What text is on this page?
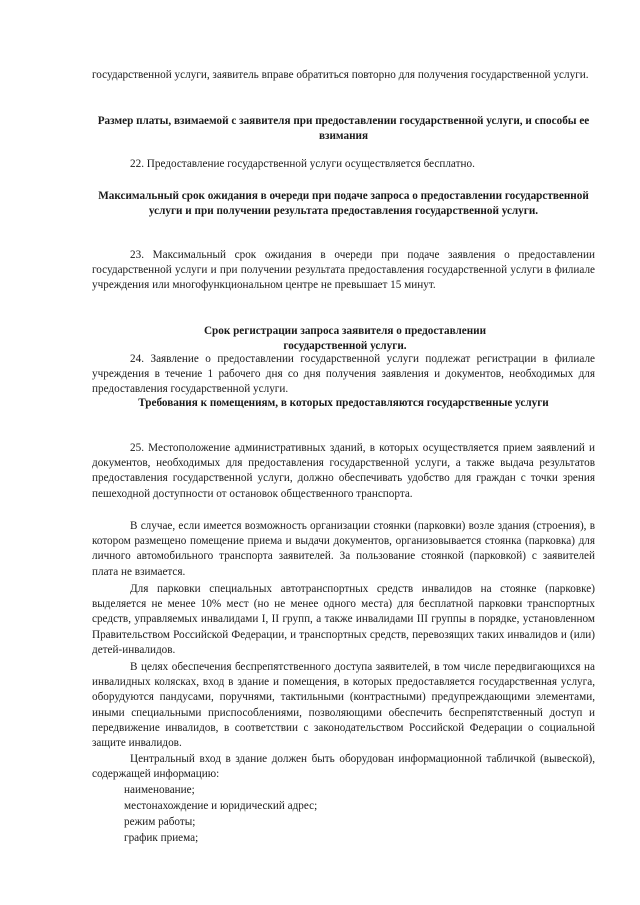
государственной услуги, заявитель вправе обратиться повторно для получения государственной услуги.

Размер платы, взимаемой с заявителя при предоставлении государственной услуги, и способы ее взимания

22. Предоставление государственной услуги осуществляется бесплатно.

Максимальный срок ожидания в очереди при подаче запроса о предоставлении государственной услуги и при получении результата предоставления государственной услуги.

23. Максимальный срок ожидания в очереди при подаче заявления о предоставлении государственной услуги и при получении результата предоставления государственной услуги в филиале учреждения или многофункциональном центре не превышает 15 минут.

Срок регистрации запроса заявителя о предоставлении государственной услуги.

24. Заявление о предоставлении государственной услуги подлежат регистрации в филиале учреждения в течение 1 рабочего дня со дня получения заявления и документов, необходимых для предоставления государственной услуги.

Требования к помещениям, в которых предоставляются государственные услуги

25. Местоположение административных зданий, в которых осуществляется прием заявлений и документов, необходимых для предоставления государственной услуги, а также выдача результатов предоставления государственной услуги, должно обеспечивать удобство для граждан с точки зрения пешеходной доступности от остановок общественного транспорта.

В случае, если имеется возможность организации стоянки (парковки) возле здания (строения), в котором размещено помещение приема и выдачи документов, организовывается стоянка (парковка) для личного автомобильного транспорта заявителей. За пользование стоянкой (парковкой) с заявителей плата не взимается.

Для парковки специальных автотранспортных средств инвалидов на стоянке (парковке) выделяется не менее 10% мест (но не менее одного места) для бесплатной парковки транспортных средств, управляемых инвалидами I, II групп, а также инвалидами III группы в порядке, установленном Правительством Российской Федерации, и транспортных средств, перевозящих таких инвалидов и (или) детей-инвалидов.

В целях обеспечения беспрепятственного доступа заявителей, в том числе передвигающихся на инвалидных колясках, вход в здание и помещения, в которых предоставляется государственная услуга, оборудуются пандусами, поручнями, тактильными (контрастными) предупреждающими элементами, иными специальными приспособлениями, позволяющими обеспечить беспрепятственный доступ и передвижение инвалидов, в соответствии с законодательством Российской Федерации о социальной защите инвалидов.

Центральный вход в здание должен быть оборудован информационной табличкой (вывеской), содержащей информацию:

наименование;

местонахождение и юридический адрес;

режим работы;

график приема;
